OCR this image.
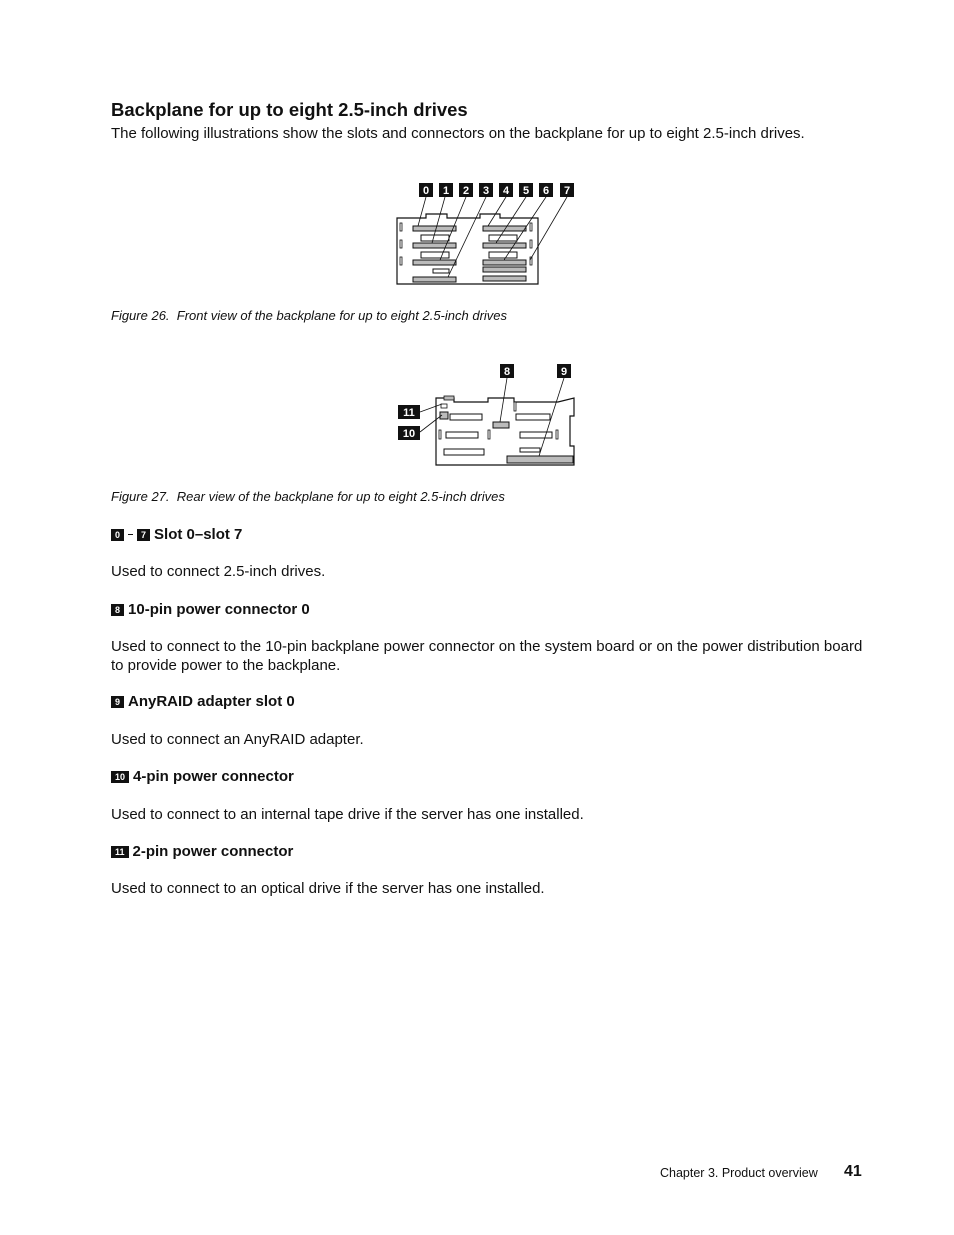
Backplane for up to eight 2.5-inch drives

The following illustrations show the slots and connectors on the backplane for up to eight 2.5-inch drives.

0 1 2 3 4 5 6 7

Figure 26. Front view of the backplane for up to eight 2.5-inch drives

8	9
11
10

Figure 27. Rear view of the backplane for up to eight 2.5-inch drives

0	7 Slot 0–slot 7

Used to connect 2.5-inch drives.

8 10-pin power connector 0

Used to connect to the 10-pin backplane power connector on the system board or on the power distribution board to provide power to the backplane.

9 AnyRAID adapter slot 0

Used to connect an AnyRAID adapter.

10 4-pin power connector

Used to connect to an internal tape drive if the server has one installed.

11 2-pin power connector

Used to connect to an optical drive if the server has one installed.

Chapter 3. Product overview 41
